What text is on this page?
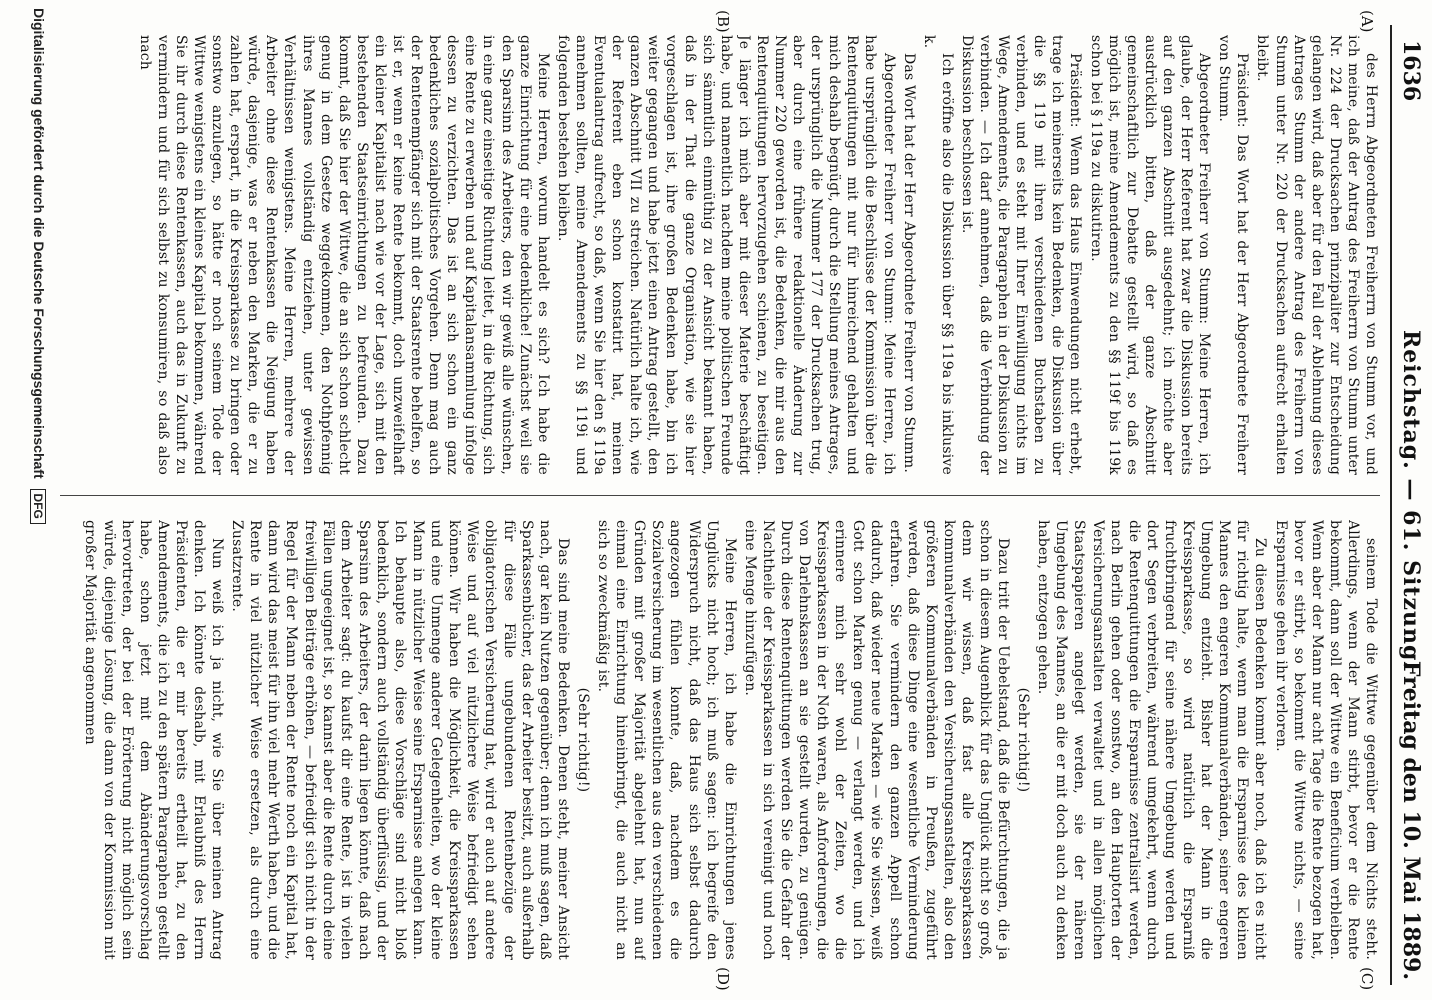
1636
Reichstag. — 61. Sitzung.
Freitag den 10. Mai 1889.
(A)
(B)
(C)
(D)

des Herrn Abgeordneten Freiherrn von Stumm vor, und ich meine, daß der Antrag des Freiherrn von Stumm unter Nr. 224 der Drucksachen prinzipaliter zur Entscheidung gelangen wird, daß aber für den Fall der Ablehnung dieses Antrages Stumm der andere Antrag des Freiherrn von Stumm unter Nr. 220 der Drucksachen aufrecht erhalten bleibt.

Präsident: Das Wort hat der Herr Abgeordnete Freiherr von Stumm.

Abgeordneter Freiherr von Stumm: Meine Herren, ich glaube, der Herr Referent hat zwar die Diskussion bereits auf den ganzen Abschnitt ausgedehnt; ich möchte aber ausdrücklich bitten, daß der ganze Abschnitt gemeinschaftlich zur Debatte gestellt wird, so daß es möglich ist, meine Amendements zu den §§ 119f bis 119k schon bei § 119a zu diskutiren.

Präsident: Wenn das Haus Einwendungen nicht erhebt, trage ich meinerseits kein Bedenken, die Diskussion über die §§ 119 mit ihren verschiedenen Buchstaben zu verbinden, und es steht mit Ihrer Einwilligung nichts im Wege, Amendements, die Paragraphen in der Diskussion zu verbinden. — Ich darf annehmen, daß die Verbindung der Diskussion beschlossen ist.

Ich eröffne also die Diskussion über §§ 119a bis inklusive k.

Das Wort hat der Herr Abgeordnete Freiherr von Stumm.

Abgeordneter Freiherr von Stumm: Meine Herren, ich habe ursprünglich die Beschlüsse der Kommission über die Rentenquittungen mit nur für hinreichend gehalten und mich deshalb begnügt, durch die Stellung meines Antrages, der ursprünglich die Nummer 177 der Drucksachen trug, aber durch eine frühere redaktionelle Änderung zur Nummer 220 geworden ist, die Bedenken, die mir aus den Rentenquittungen hervorzugehen schienen, zu beseitigen. Je länger ich mich aber mit dieser Materie beschäftigt habe, und namentlich nachdem meine politischen Freunde sich sämmtlich einmüthig zu der Ansicht bekannt haben, daß in der That die ganze Organisation, wie sie hier vorgeschlagen ist, ihre großen Bedenken habe, bin ich weiter gegangen und habe jetzt einen Antrag gestellt, den ganzen Abschnitt VII zu streichen. Natürlich halte ich, wie der Referent eben schon konstatirt hat, meinen Eventualantrag aufrecht, so daß, wenn Sie hier den § 119a annehmen sollten, meine Amendements zu §§ 119i und folgenden bestehen bleiben.

Meine Herren, worum handelt es sich? Ich habe die ganze Einrichtung für eine bedenkliche! Zunächst weil sie den Sparsinn des Arbeiters, den wir gewiß alle wünschen, in eine ganz einseitige Richtung leitet, in die Richtung, sich eine Rente zu erwerben und auf Kapitalansammlung infolge dessen zu verzichten. Das ist an sich schon ein ganz bedenkliches sozialpolitisches Vorgehen. Denn mag auch der Rentenempfänger sich mit der Staatsrente behelfen, so ist er, wenn er keine Rente bekommt, doch unzweifelhaft ein kleiner Kapitalist nach wie vor der Lage, sich mit den bestehenden Staatseinrichtungen zu befreunden. Dazu kommt, daß Sie hier der Wittwe, die an sich schon schlecht genug in dem Gesetze weggekommen, den Nothpfennig ihres Mannes vollständig entziehen, unter gewissen Verhältnissen wenigstens. Meine Herren, mehrere der Arbeiter ohne diese Rentenkassen die Neigung haben würde, dasjenige, was er neben den Marken, die er zu zahlen hat, erspart, in die Kreissparkasse zu bringen oder sonstwo anzulegen, so hätte er noch seinem Tode der Wittwe wenigstens ein kleines Kapital bekommen, während Sie ihr durch diese Rentenkassen, auch das in Zukunft zu vermindern und für sich selbst zu konsumiren, so daß also nach

seinem Tode die Wittwe gegenüber dem Nichts steht. Allerdings, wenn der Mann stirbt, bevor er die Rente bekommt, dann soll der Wittwe ein Beneficium verbleiben. Wenn aber der Mann nur acht Tage die Rente bezogen hat, bevor er stirbt, so bekommt die Wittwe nichts, — seine Ersparnisse gehen ihr verloren.

Zu diesen Bedenken kommt aber noch, daß ich es nicht für richtig halte, wenn man die Ersparnisse des kleinen Mannes den engeren Kommunalverbänden, seiner engeren Umgebung entzieht. Bisher hat der Mann in die Kreissparkasse, so wird natürlich die Ersparniß fruchtbringend für seine nähere Umgebung werden und dort Segen verbreiten, während umgekehrt, wenn durch die Rentenquittungen die Ersparnisse zentralisirt werden, nach Berlin gehen oder sonstwo, an den Hauptorten der Versicherungsanstalten verwaltet und in allen möglichen Staatspapieren angelegt werden, sie der näheren Umgebung des Mannes, an die er mit doch auch zu denken haben, entzogen gehen.

(Sehr richtig!)

Dazu tritt der Uebelstand, daß die Befürchtungen, die ja schon in diesem Augenblick für das Unglück nicht so groß, denn wir wissen, daß fast alle Kreissparkassen kommunalverbänden den Versicherungsanstalten, also den größeren Kommunalverbänden in Preußen, zugeführt werden, daß diese Dinge eine wesentliche Verminderung erfahren. Sie vermindern den ganzen Appell schon dadurch, daß wieder neue Marken — wie Sie wissen, weiß Gott schon Marken genug — verlangt werden, und ich erinnere mich sehr wohl der Zeiten, wo die Kreissparkassen in der Noth waren, als Anforderungen, die von Darlehnskassen an sie gestellt wurden, zu genügen. Durch diese Rentenquittungen werden Sie die Gefahr der Nachtheile der Kreissparkassen in sich vereinigt und noch eine Menge hinzufügen.

Meine Herren, ich habe die Einrichtungen jenes Unglücks nicht hoch; ich muß sagen: ich begreife den Widerspruch nicht, daß das Haus sich selbst dadurch angezogen fühlen konnte, daß, nachdem es die Sozialversicherung im wesentlichen aus den verschiedenen Gründen mit großer Majorität abgelehnt hat, nun auf einmal eine Einrichtung hineinbringt, die auch nicht an sich so zweckmäßig ist.

(Sehr richtig!)

Das sind meine Bedenken. Denen steht, meiner Ansicht nach, gar kein Nutzen gegenüber; denn ich muß sagen, daß Sparkassenbücher, das der Arbeiter besitzt, auch außerhalb für diese Fälle ungebundenen Rentenbezüge der obligatorischen Versicherung hat, wird er auch auf andere Weise und auf viel nützlichere Weise befriedigt sehen können. Wir haben die Möglichkeit, die Kreissparkassen und eine Unmenge anderer Gelegenheiten, wo der kleine Mann in nützlicher Weise seine Ersparnisse anlegen kann. Ich behaupte also, diese Vorschläge sind nicht bloß bedenklich, sondern auch vollständig überflüssig, und der Sparsinn des Arbeiters, der darin liegen könnte, daß nach dem Arbeiter sagt: du kaufst dir eine Rente, ist in vielen Fällen ungeeignet ist, so kannst aber die Rente durch deine freiwilligen Beiträge erhöhen, — befriedigt sich nicht in der Regel für der Mann neben der Rente noch ein Kapital hat, dann wird das meist für ihn viel mehr Werth haben, und die Rente in viel nützlicher Weise ersetzen, als durch eine Zusatzrente.

Nun weiß ich ja nicht, wie Sie über meinen Antrag denken. Ich könnte deshalb, mit Erlaubniß des Herrn Präsidenten, die er mir bereits ertheilt hat, zu den Amendements, die ich zu den spätern Paragraphen gestellt habe, schon jetzt mit dem Abänderungsvorschlag hervortreten, der bei der Erörterung nicht möglich sein würde, diejenige Lösung, die dann von der Kommission mit großer Majorität angenommen

Digitalisierung gefördert durch die Deutsche Forschungsgemeinschaft DFG
